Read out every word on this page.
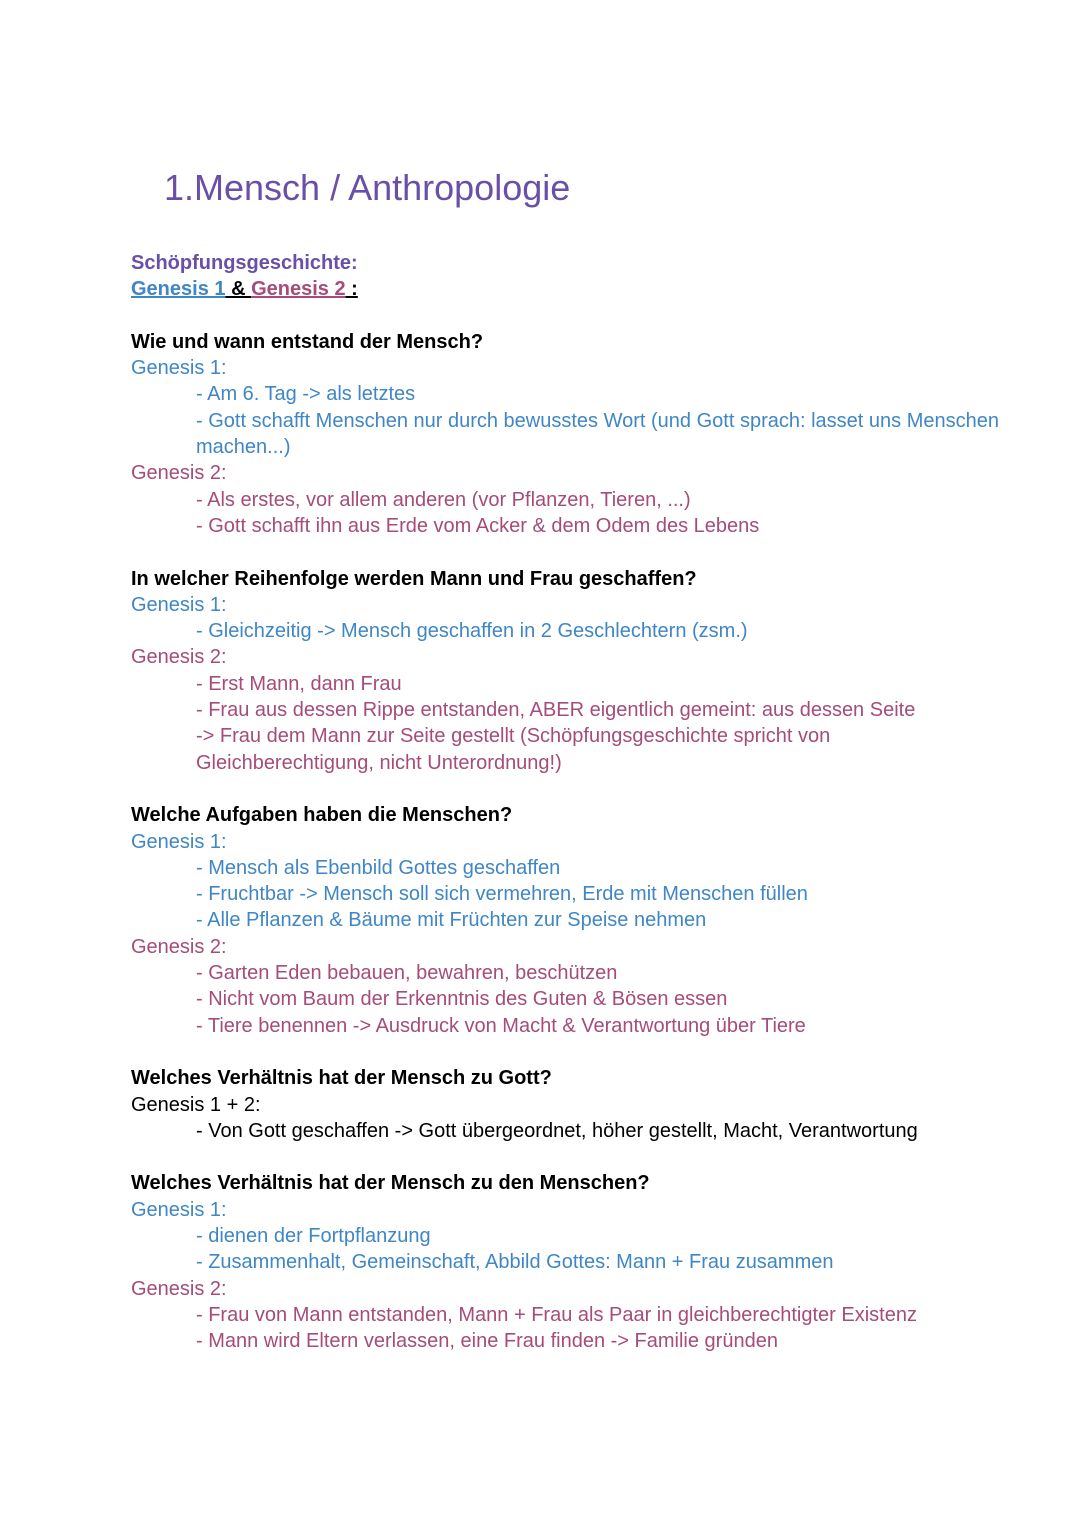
1.Mensch / Anthropologie
Schöpfungsgeschichte:
Genesis 1 & Genesis 2 :
Wie und wann entstand der Mensch?
Genesis 1:
- Am 6. Tag -> als letztes
- Gott schafft Menschen nur durch bewusstes Wort (und Gott sprach: lasset uns Menschen machen...)
Genesis 2:
- Als erstes, vor allem anderen (vor Pflanzen, Tieren, ...)
- Gott schafft ihn aus Erde vom Acker & dem Odem des Lebens
In welcher Reihenfolge werden Mann und Frau geschaffen?
Genesis 1:
- Gleichzeitig -> Mensch geschaffen in 2 Geschlechtern (zsm.)
Genesis 2:
- Erst Mann, dann Frau
- Frau aus dessen Rippe entstanden, ABER eigentlich gemeint: aus dessen Seite
-> Frau dem Mann zur Seite gestellt (Schöpfungsgeschichte spricht von
Gleichberechtigung, nicht Unterordnung!)
Welche Aufgaben haben die Menschen?
Genesis 1:
- Mensch als Ebenbild Gottes geschaffen
- Fruchtbar -> Mensch soll sich vermehren, Erde mit Menschen füllen
- Alle Pflanzen & Bäume mit Früchten zur Speise nehmen
Genesis 2:
- Garten Eden bebauen, bewahren, beschützen
- Nicht vom Baum der Erkenntnis des Guten & Bösen essen
- Tiere benennen -> Ausdruck von Macht & Verantwortung über Tiere
Welches Verhältnis hat der Mensch zu Gott?
Genesis 1 + 2:
- Von Gott geschaffen -> Gott übergeordnet, höher gestellt, Macht, Verantwortung
Welches Verhältnis hat der Mensch zu den Menschen?
Genesis 1:
- dienen der Fortpflanzung
- Zusammenhalt, Gemeinschaft, Abbild Gottes: Mann + Frau zusammen
Genesis 2:
- Frau von Mann entstanden, Mann + Frau als Paar in gleichberechtigter Existenz
- Mann wird Eltern verlassen, eine Frau finden -> Familie gründen
